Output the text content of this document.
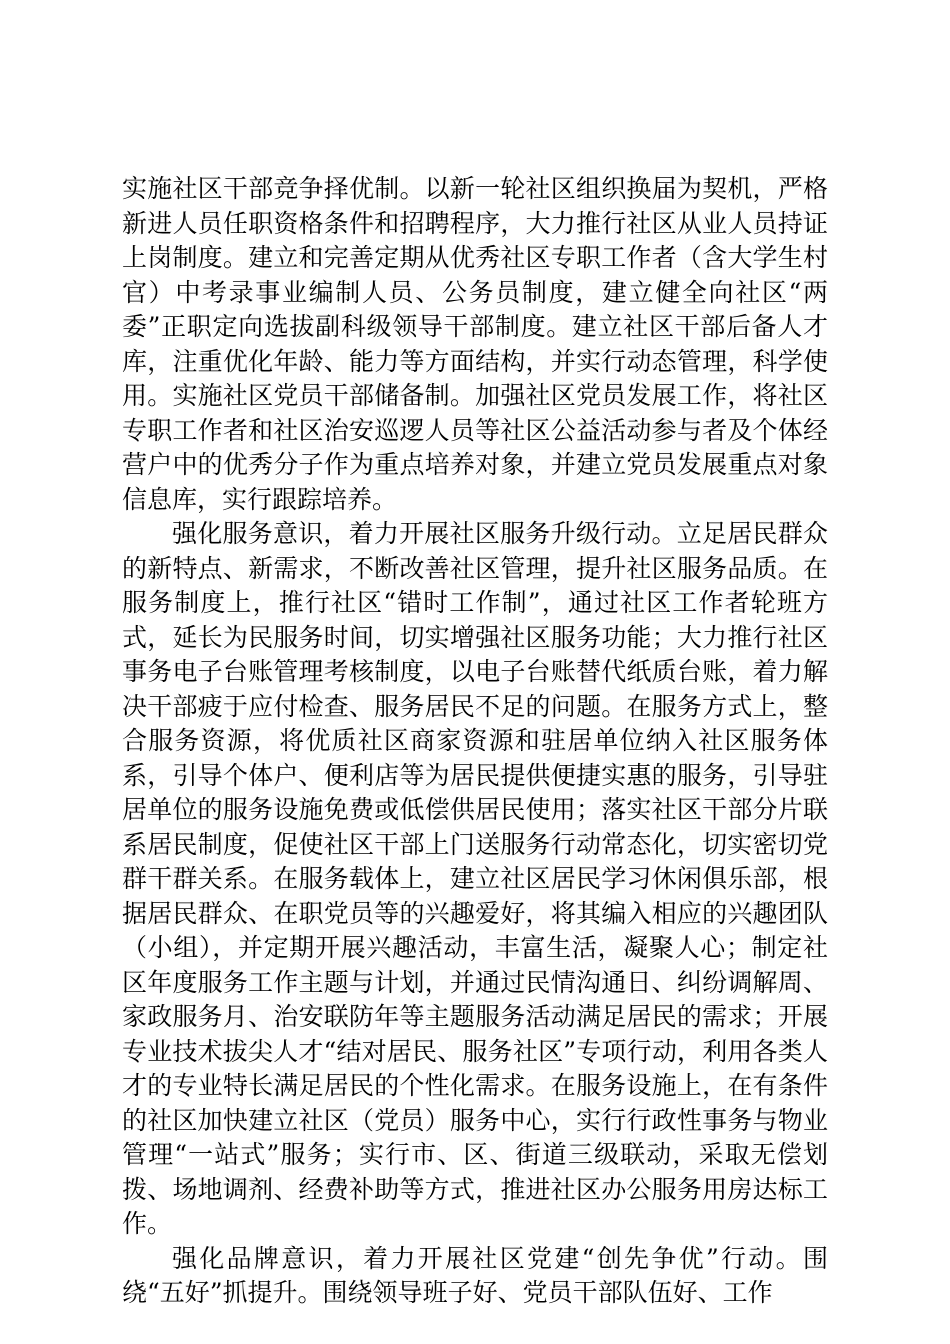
实施社区干部竞争择优制。以新一轮社区组织换届为契机，严格新进人员任职资格条件和招聘程序，大力推行社区从业人员持证上岗制度。建立和完善定期从优秀社区专职工作者（含大学生村官）中考录事业编制人员、公务员制度，建立健全向社区“两委”正职定向选拔副科级领导干部制度。建立社区干部后备人才库，注重优化年龄、能力等方面结构，并实行动态管理，科学使用。实施社区党员干部储备制。加强社区党员发展工作，将社区专职工作者和社区治安巡逻人员等社区公益活动参与者及个体经营户中的优秀分子作为重点培养对象，并建立党员发展重点对象信息库，实行跟踪培养。

强化服务意识，着力开展社区服务升级行动。立足居民群众的新特点、新需求，不断改善社区管理，提升社区服务品质。在服务制度上，推行社区“错时工作制”，通过社区工作者轮班方式，延长为民服务时间，切实增强社区服务功能；大力推行社区事务电子台账管理考核制度，以电子台账替代纸质台账，着力解决干部疲于应付检查、服务居民不足的问题。在服务方式上，整合服务资源，将优质社区商家资源和驻居单位纳入社区服务体系，引导个体户、便利店等为居民提供便捷实惠的服务，引导驻居单位的服务设施免费或低偿供居民使用；落实社区干部分片联系居民制度，促使社区干部上门送服务行动常态化，切实密切党群干群关系。在服务载体上，建立社区居民学习休闲俱乐部，根据居民群众、在职党员等的兴趣爱好，将其编入相应的兴趣团队（小组），并定期开展兴趣活动，丰富生活，凝聚人心；制定社区年度服务工作主题与计划，并通过民情沟通日、纠纷调解周、家政服务月、治安联防年等主题服务活动满足居民的需求；开展专业技术拔尖人才“结对居民、服务社区”专项行动，利用各类人才的专业特长满足居民的个性化需求。在服务设施上，在有条件的社区加快建立社区（党员）服务中心，实行行政性事务与物业管理“一站式”服务；实行市、区、街道三级联动，采取无偿划拨、场地调剂、经费补助等方式，推进社区办公服务用房达标工作。

强化品牌意识，着力开展社区党建“创先争优”行动。围绕“五好”抓提升。围绕领导班子好、党员干部队伍好、工作
